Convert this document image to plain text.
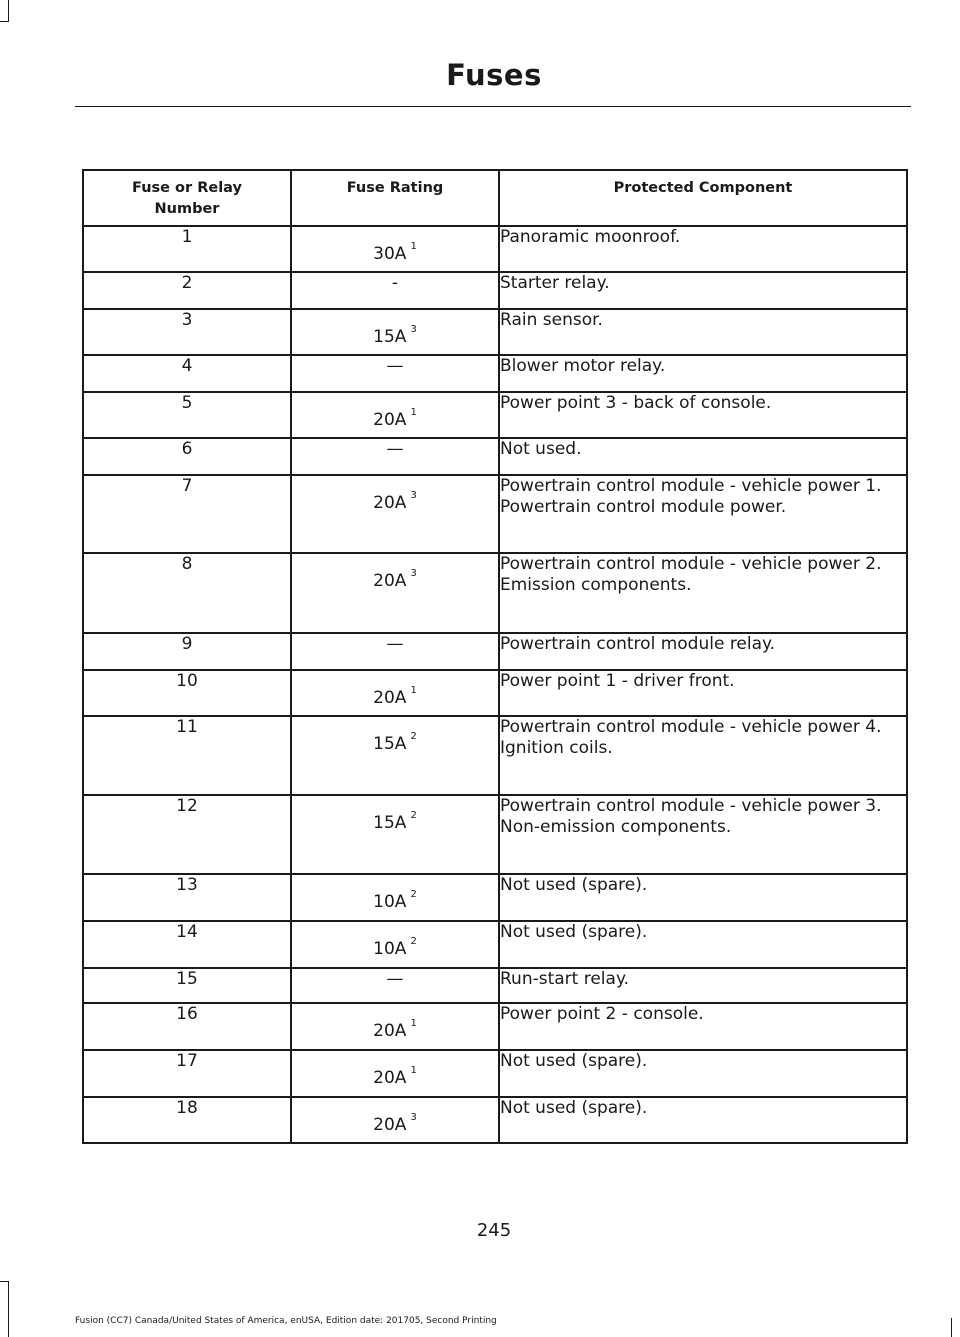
Fuses
Fuse or Relay Number	Fuse Rating	Protected Component
1	30A $^1$	Panoramic moonroof.

2	-	Starter relay.

3	15A $^3$	Rain sensor.

4	—	Blower motor relay.

5	20A $^1$	Power point 3 - back of console.

6	—	Not used.

7	20A $^3$	Powertrain control module - vehicle power 1.
Powertrain control module power.

8	20A $^3$	Powertrain control module - vehicle power 2.
Emission components.

9	—	Powertrain control module relay.

10	20A $^1$	Power point 1 - driver front.

11	15A $^2$	Powertrain control module - vehicle power 4.
Ignition coils.

12	15A $^2$	Powertrain control module - vehicle power 3.
Non-emission components.

13	10A $^2$	Not used (spare).

14	10A $^2$	Not used (spare).

15	—	Run-start relay.

16	20A $^1$	Power point 2 - console.

17	20A $^1$	Not used (spare).

18	20A $^3$	Not used (spare).
245
Fusion (CC7) Canada/United States of America, enUSA, Edition date: 201705, Second Printing
